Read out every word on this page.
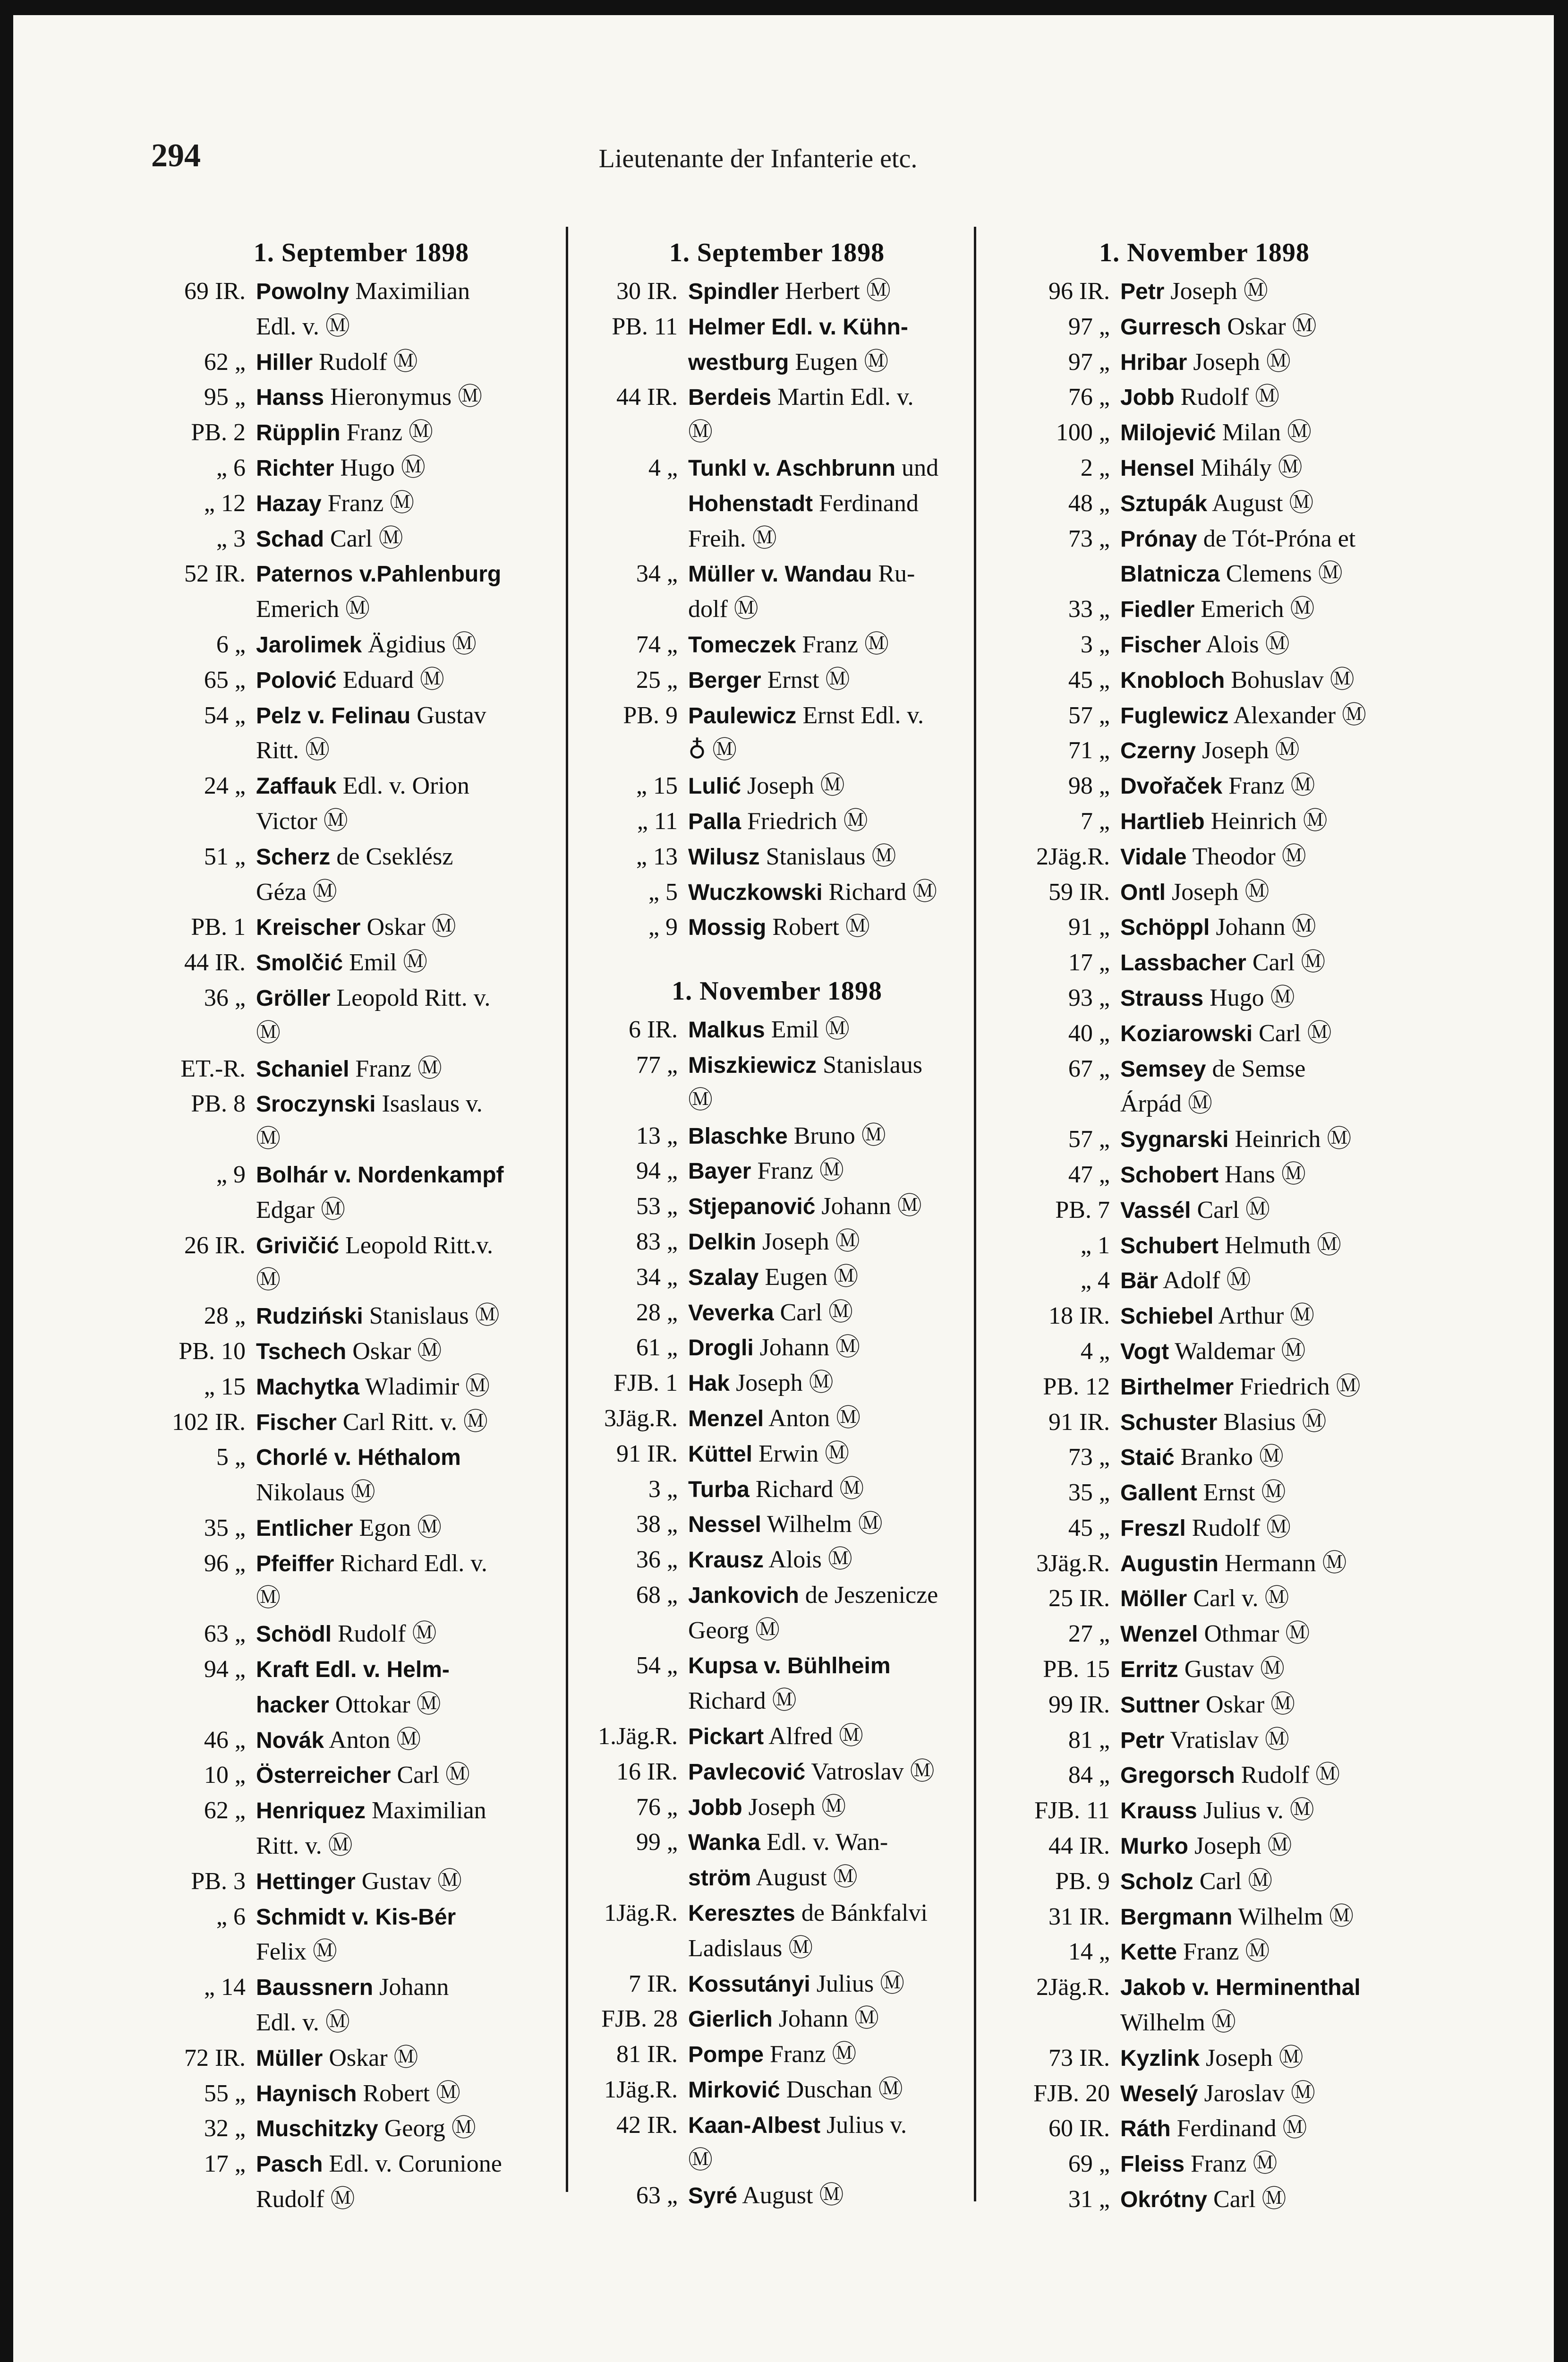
294	Lieutenante der Infanterie etc.
1. September 1898
69 IR. Powolny Maximilian
Edl. v. Ⓜ
62 „ Hiller Rudolf Ⓜ
95 „ Hanss Hieronymus Ⓜ
PB. 2 Rüpplin Franz Ⓜ
„ 6 Richter Hugo Ⓜ
„ 12 Hazay Franz Ⓜ
„ 3 Schad Carl Ⓜ
52 IR. Paternos v.Pahlenburg
Emerich Ⓜ
6 „ Jarolimek Ägidius Ⓜ
65 „ Polović Eduard Ⓜ
54 „ Pelz v. Felinau Gustav
Ritt. Ⓜ
24 „ Zaffauk Edl. v. Orion
Victor Ⓜ
51 „ Scherz de Cseklész
Géza Ⓜ
PB. 1 Kreischer Oskar Ⓜ
44 IR. Smolčić Emil Ⓜ
36 „ Gröller Leopold Ritt. v.
Ⓜ
ET.-R. Schaniel Franz Ⓜ
PB. 8 Sroczynski Isaslaus v.
Ⓜ
„ 9 Bolhár v. Nordenkampf
Edgar Ⓜ
26 IR. Grivičić Leopold Ritt.v.
Ⓜ
28 „ Rudziński Stanislaus Ⓜ
PB. 10 Tschech Oskar Ⓜ
„ 15 Machytka Wladimir Ⓜ
102 IR. Fischer Carl Ritt. v. Ⓜ
5 „ Chorlé v. Héthalom
Nikolaus Ⓜ
35 „ Entlicher Egon Ⓜ
96 „ Pfeiffer Richard Edl. v.
Ⓜ
63 „ Schödl Rudolf Ⓜ
94 „ Kraft Edl. v. Helm-
hacker Ottokar Ⓜ
46 „ Novák Anton Ⓜ
10 „ Österreicher Carl Ⓜ
62 „ Henriquez Maximilian
Ritt. v. Ⓜ
PB. 3 Hettinger Gustav Ⓜ
„ 6 Schmidt v. Kis-Bér
Felix Ⓜ
„ 14 Baussnern Johann
Edl. v. Ⓜ
72 IR. Müller Oskar Ⓜ
55 „ Haynisch Robert Ⓜ
32 „ Muschitzky Georg Ⓜ
17 „ Pasch Edl. v. Corunione
Rudolf Ⓜ
1. September 1898
30 IR. Spindler Herbert Ⓜ
PB. 11 Helmer Edl. v. Kühn-
westburg Eugen Ⓜ
44 IR. Berdeis Martin Edl. v.
Ⓜ
4 „ Tunkl v. Aschbrunn und
Hohenstadt Ferdinand
Freih. Ⓜ
34 „ Müller v. Wandau Ru-
dolf Ⓜ
74 „ Tomeczek Franz Ⓜ
25 „ Berger Ernst Ⓜ
PB. 9 Paulewicz Ernst Edl. v.
♁ Ⓜ
„ 15 Lulić Joseph Ⓜ
„ 11 Palla Friedrich Ⓜ
„ 13 Wilusz Stanislaus Ⓜ
„ 5 Wuczkowski Richard Ⓜ
„ 9 Mossig Robert Ⓜ
1. November 1898
6 IR. Malkus Emil Ⓜ
77 „ Miszkiewicz Stanislaus
Ⓜ
13 „ Blaschke Bruno Ⓜ
94 „ Bayer Franz Ⓜ
53 „ Stjepanović Johann Ⓜ
83 „ Delkin Joseph Ⓜ
34 „ Szalay Eugen Ⓜ
28 „ Veverka Carl Ⓜ
61 „ Drogli Johann Ⓜ
FJB. 1 Hak Joseph Ⓜ
3Jäg.R. Menzel Anton Ⓜ
91 IR. Küttel Erwin Ⓜ
3 „ Turba Richard Ⓜ
38 „ Nessel Wilhelm Ⓜ
36 „ Krausz Alois Ⓜ
68 „ Jankovich de Jeszenicze
Georg Ⓜ
54 „ Kupsa v. Bühlheim
Richard Ⓜ
1.Jäg.R. Pickart Alfred Ⓜ
16 IR. Pavlecović Vatroslav Ⓜ
76 „ Jobb Joseph Ⓜ
99 „ Wanka Edl. v. Wan-
ström August Ⓜ
1Jäg.R. Keresztes de Bánkfalvi
Ladislaus Ⓜ
7 IR. Kossutányi Julius Ⓜ
FJB. 28 Gierlich Johann Ⓜ
81 IR. Pompe Franz Ⓜ
1Jäg.R. Mirković Duschan Ⓜ
42 IR. Kaan-Albest Julius v.
Ⓜ
63 „ Syré August Ⓜ
1. November 1898
96 IR. Petr Joseph Ⓜ
97 „ Gurresch Oskar Ⓜ
97 „ Hribar Joseph Ⓜ
76 „ Jobb Rudolf Ⓜ
100 „ Milojević Milan Ⓜ
2 „ Hensel Mihály Ⓜ
48 „ Sztupák August Ⓜ
73 „ Prónay de Tót-Próna et
Blatnicza Clemens Ⓜ
33 „ Fiedler Emerich Ⓜ
3 „ Fischer Alois Ⓜ
45 „ Knobloch Bohuslav Ⓜ
57 „ Fuglewicz Alexander Ⓜ
71 „ Czerny Joseph Ⓜ
98 „ Dvořaček Franz Ⓜ
7 „ Hartlieb Heinrich Ⓜ
2Jäg.R. Vidale Theodor Ⓜ
59 IR. Ontl Joseph Ⓜ
91 „ Schöppl Johann Ⓜ
17 „ Lassbacher Carl Ⓜ
93 „ Strauss Hugo Ⓜ
40 „ Koziarowski Carl Ⓜ
67 „ Semsey de Semse
Árpád Ⓜ
57 „ Sygnarski Heinrich Ⓜ
47 „ Schobert Hans Ⓜ
PB. 7 Vassél Carl Ⓜ
„ 1 Schubert Helmuth Ⓜ
„ 4 Bär Adolf Ⓜ
18 IR. Schiebel Arthur Ⓜ
4 „ Vogt Waldemar Ⓜ
PB. 12 Birthelmer Friedrich Ⓜ
91 IR. Schuster Blasius Ⓜ
73 „ Staić Branko Ⓜ
35 „ Gallent Ernst Ⓜ
45 „ Freszl Rudolf Ⓜ
3Jäg.R. Augustin Hermann Ⓜ
25 IR. Möller Carl v. Ⓜ
27 „ Wenzel Othmar Ⓜ
PB. 15 Erritz Gustav Ⓜ
99 IR. Suttner Oskar Ⓜ
81 „ Petr Vratislav Ⓜ
84 „ Gregorsch Rudolf Ⓜ
FJB. 11 Krauss Julius v. Ⓜ
44 IR. Murko Joseph Ⓜ
PB. 9 Scholz Carl Ⓜ
31 IR. Bergmann Wilhelm Ⓜ
14 „ Kette Franz Ⓜ
2Jäg.R. Jakob v. Herminenthal
Wilhelm Ⓜ
73 IR. Kyzlink Joseph Ⓜ
FJB. 20 Weselý Jaroslav Ⓜ
60 IR. Ráth Ferdinand Ⓜ
69 „ Fleiss Franz Ⓜ
31 „ Okrótny Carl Ⓜ
